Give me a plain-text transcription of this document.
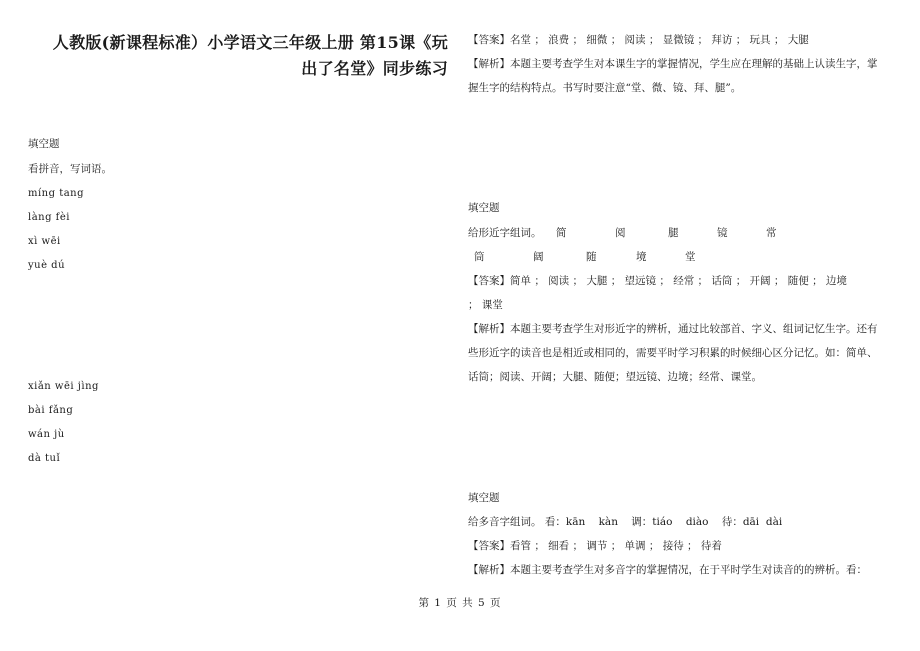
人教版(新课程标准）小学语文三年级上册 第15课《玩
出了名堂》同步练习
填空题
看拼音，写词语。
míng tang
làng fèi
xì wēi
yuè dú
xiǎn wēi jìng
bài fǎng
wán jù
dà tuǐ
【答案】名堂 ； 浪费 ； 细微 ； 阅读 ； 显微镜 ； 拜访 ； 玩具 ； 大腿
【解析】本题主要考查学生对本课生字的掌握情况，学生应在理解的基础上认读生字，掌
握生字的结构特点。书写时要注意“堂、微、镜、拜、腿”。
填空题
给形近字组词。 简	阅	腿	镜	常
筒	阔	随	境	堂
【答案】简单 ； 阅读 ； 大腿 ； 望远镜 ； 经常 ； 话筒 ； 开阔 ； 随便 ； 边境
； 课堂
【解析】本题主要考查学生对形近字的辨析，通过比较部首、字义、组词记忆生字。还有
些形近字的读音也是相近或相同的，需要平时学习积累的时候细心区分记忆。如：简单、
话筒；阅读、开阔；大腿、随便；望远镜、边境；经常、课堂。
填空题
给多音字组词。 看：kān    kàn    调：tiáo    diào    待：dāi  dài
【答案】看管 ； 细看 ； 调节 ； 单调 ； 接待 ； 待着
【解析】本题主要考查学生对多音字的掌握情况，在于平时学生对读音的的辨析。看：
第 1 页 共 5 页
